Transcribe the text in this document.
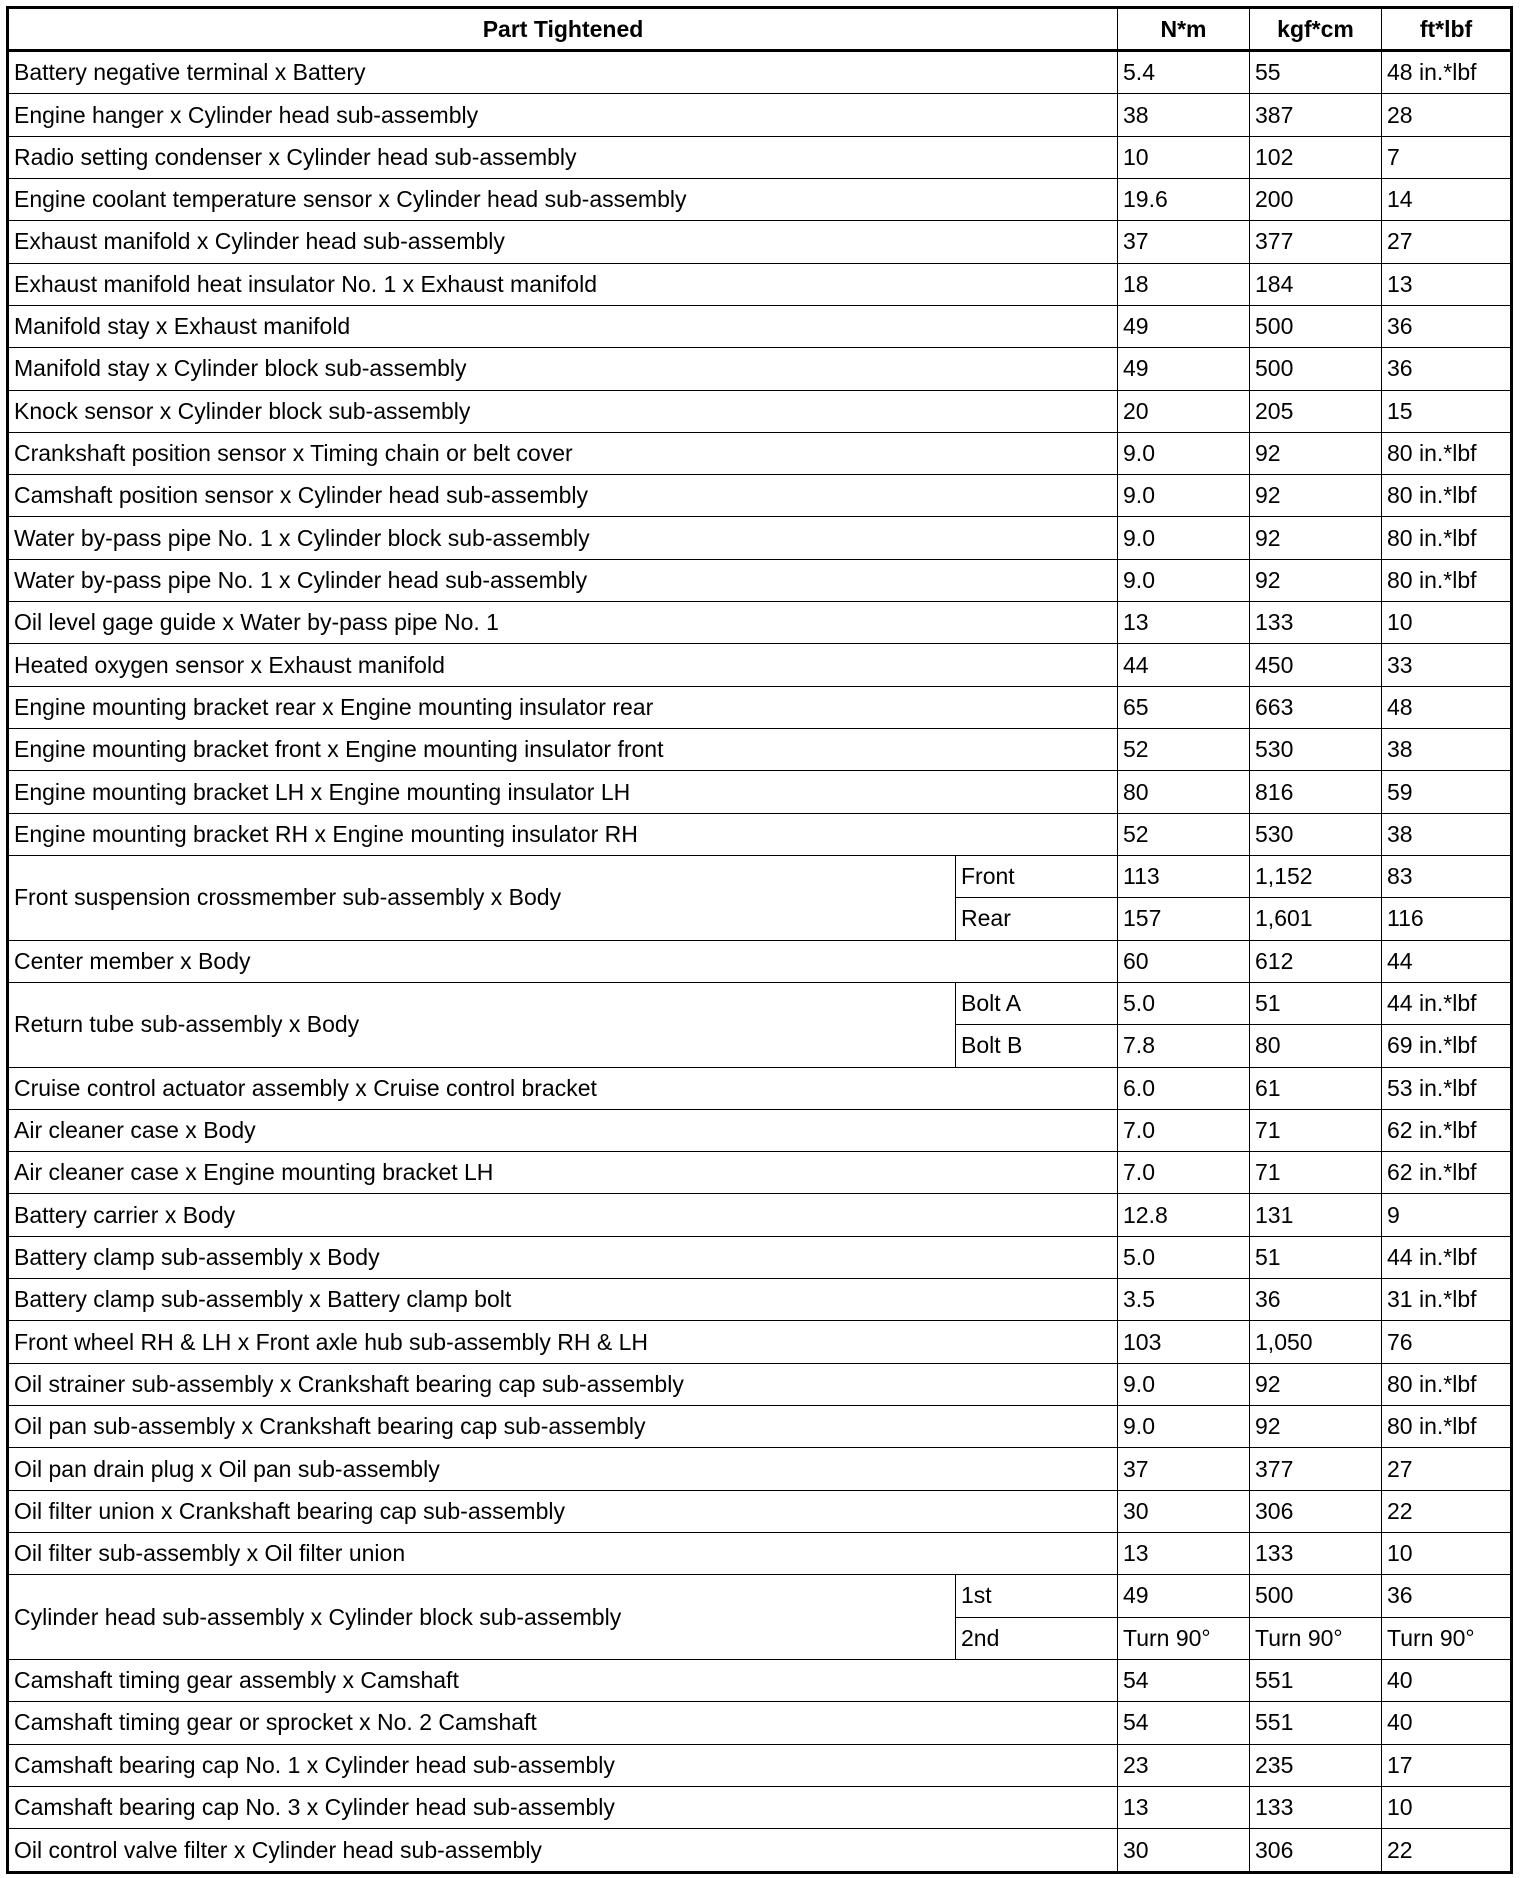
Part Tightened		N*m	kgf*cm	ft*lbf
Battery negative terminal x Battery		5.4	55	48 in.*lbf
Engine hanger x Cylinder head sub-assembly		38	387	28
Radio setting condenser x Cylinder head sub-assembly		10	102	7
Engine coolant temperature sensor x Cylinder head sub-assembly		19.6	200	14
Exhaust manifold x Cylinder head sub-assembly		37	377	27
Exhaust manifold heat insulator No. 1 x Exhaust manifold		18	184	13
Manifold stay x Exhaust manifold		49	500	36
Manifold stay x Cylinder block sub-assembly		49	500	36
Knock sensor x Cylinder block sub-assembly		20	205	15
Crankshaft position sensor x Timing chain or belt cover		9.0	92	80 in.*lbf
Camshaft position sensor x Cylinder head sub-assembly		9.0	92	80 in.*lbf
Water by-pass pipe No. 1 x Cylinder block sub-assembly		9.0	92	80 in.*lbf
Water by-pass pipe No. 1 x Cylinder head sub-assembly		9.0	92	80 in.*lbf
Oil level gage guide x Water by-pass pipe No. 1		13	133	10
Heated oxygen sensor x Exhaust manifold		44	450	33
Engine mounting bracket rear x Engine mounting insulator rear		65	663	48
Engine mounting bracket front x Engine mounting insulator front		52	530	38
Engine mounting bracket LH x Engine mounting insulator LH		80	816	59
Engine mounting bracket RH x Engine mounting insulator RH		52	530	38
Front suspension crossmember sub-assembly x Body	Front	113	1,152	83
	Rear	157	1,601	116
Center member x Body		60	612	44
Return tube sub-assembly x Body	Bolt A	5.0	51	44 in.*lbf
	Bolt B	7.8	80	69 in.*lbf
Cruise control actuator assembly x Cruise control bracket		6.0	61	53 in.*lbf
Air cleaner case x Body		7.0	71	62 in.*lbf
Air cleaner case x Engine mounting bracket LH		7.0	71	62 in.*lbf
Battery carrier x Body		12.8	131	9
Battery clamp sub-assembly x Body		5.0	51	44 in.*lbf
Battery clamp sub-assembly x Battery clamp bolt		3.5	36	31 in.*lbf
Front wheel RH & LH x Front axle hub sub-assembly RH & LH		103	1,050	76
Oil strainer sub-assembly x Crankshaft bearing cap sub-assembly		9.0	92	80 in.*lbf
Oil pan sub-assembly x Crankshaft bearing cap sub-assembly		9.0	92	80 in.*lbf
Oil pan drain plug x Oil pan sub-assembly		37	377	27
Oil filter union x Crankshaft bearing cap sub-assembly		30	306	22
Oil filter sub-assembly x Oil filter union		13	133	10
Cylinder head sub-assembly x Cylinder block sub-assembly	1st	49	500	36
	2nd	Turn 90°	Turn 90°	Turn 90°
Camshaft timing gear assembly x Camshaft		54	551	40
Camshaft timing gear or sprocket x No. 2 Camshaft		54	551	40
Camshaft bearing cap No. 1 x Cylinder head sub-assembly		23	235	17
Camshaft bearing cap No. 3 x Cylinder head sub-assembly		13	133	10
Oil control valve filter x Cylinder head sub-assembly		30	306	22
